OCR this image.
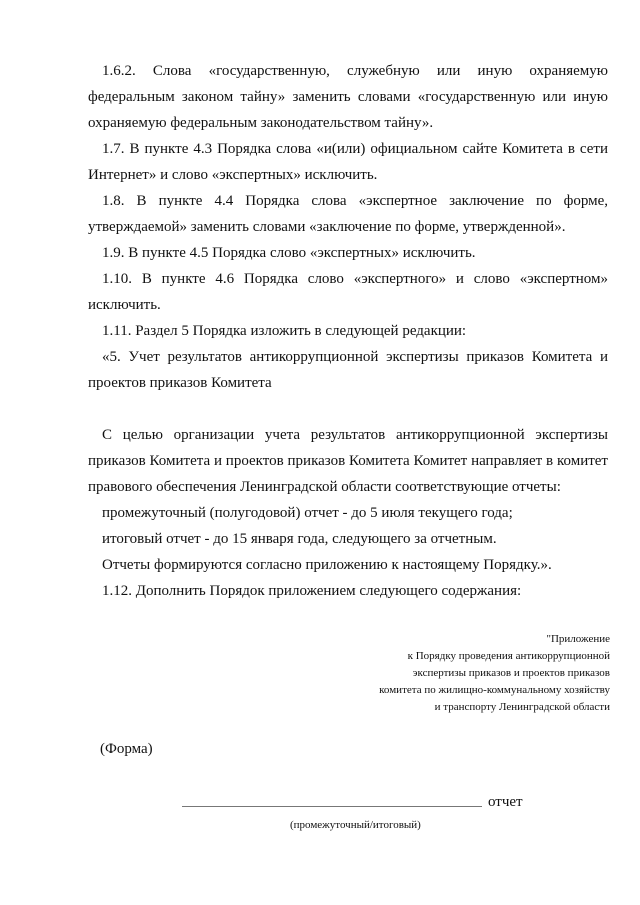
1.6.2. Слова «государственную, служебную или иную охраняемую федеральным законом тайну» заменить словами «государственную или иную охраняемую федеральным законодательством тайну».

1.7. В пункте 4.3 Порядка слова «и(или) официальном сайте Комитета в сети Интернет» и слово «экспертных» исключить.

1.8. В пункте 4.4 Порядка слова «экспертное заключение по форме, утверждаемой» заменить словами «заключение по форме, утвержденной».

1.9. В пункте 4.5 Порядка слово «экспертных» исключить.

1.10. В пункте 4.6 Порядка слово «экспертного» и слово «экспертном» исключить.

1.11. Раздел 5 Порядка изложить в следующей редакции:

«5. Учет результатов антикоррупционной экспертизы приказов Комитета и проектов приказов Комитета

С целью организации учета результатов антикоррупционной экспертизы приказов Комитета и проектов приказов Комитета Комитет направляет в комитет правового обеспечения Ленинградской области соответствующие отчеты:

промежуточный (полугодовой) отчет - до 5 июля текущего года;

итоговый отчет - до 15 января года, следующего за отчетным.

Отчеты формируются согласно приложению к настоящему Порядку.».

1.12. Дополнить Порядок приложением следующего содержания:

"Приложение
к Порядку проведения антикоррупционной
экспертизы приказов и проектов приказов
комитета по жилищно-коммунальному хозяйству
и транспорту Ленинградской области
(Форма)
отчет
(промежуточный/итоговый)
